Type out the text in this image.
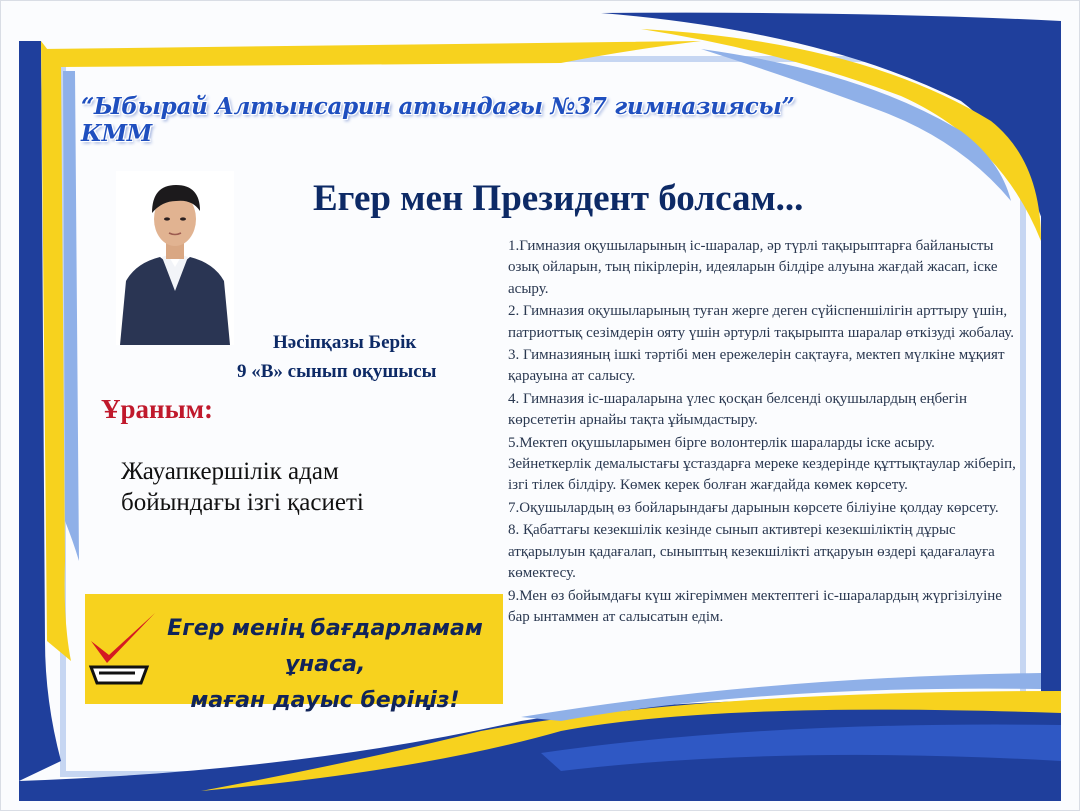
“Ыбырай Алтынсарин атындағы №37 гимназиясы” КММ
Егер мен Президент болсам...
Нәсіпқазы Берік
9 «В» сынып оқушысы
Ұраным:
Жауапкершілік адам бойындағы ізгі қасиеті
1.Гимназия оқушыларының іс-шаралар, әр түрлі тақырыптарға байланысты озық ойларын, тың пікірлерін, идеяларын білдіре алуына жағдай жасап, іске асыру.
2. Гимназия оқушыларының туған жерге деген сүйіспеншілігін арттыру үшін, патриоттық сезімдерін ояту үшін әртурлі тақырыпта шаралар өткізуді жобалау.
3. Гимназияның ішкі тәртібі мен ережелерін сақтауға, мектеп мүлкіне мұқият қарауына ат салысу.
4. Гимназия іс-шараларына үлес қосқан белсенді оқушылардың еңбегін көрсететін арнайы тақта ұйымдастыру.
5.Мектеп оқушыларымен бірге волонтерлік шараларды іске асыру. Зейнеткерлік демалыстағы ұстаздарға мереке кездерінде құттықтаулар жіберіп, ізгі тілек білдіру. Көмек керек болған жағдайда көмек көрсету.
7.Оқушылардың өз бойларындағы дарынын көрсете біліуіне қолдау көрсету.
8. Қабаттағы кезекшілік кезінде сынып активтері кезекшіліктің дұрыс атқарылуын қадағалап, сыныптың кезекшілікті атқаруын өздері қадағалауға көмектесу.
9.Мен өз бойымдағы күш жігеріммен мектептегі іс-шаралардың жүргізілуіне бар ынтаммен ат салысатын едім.
Егер менің бағдарламам ұнаса,
маған дауыс беріңіз!
